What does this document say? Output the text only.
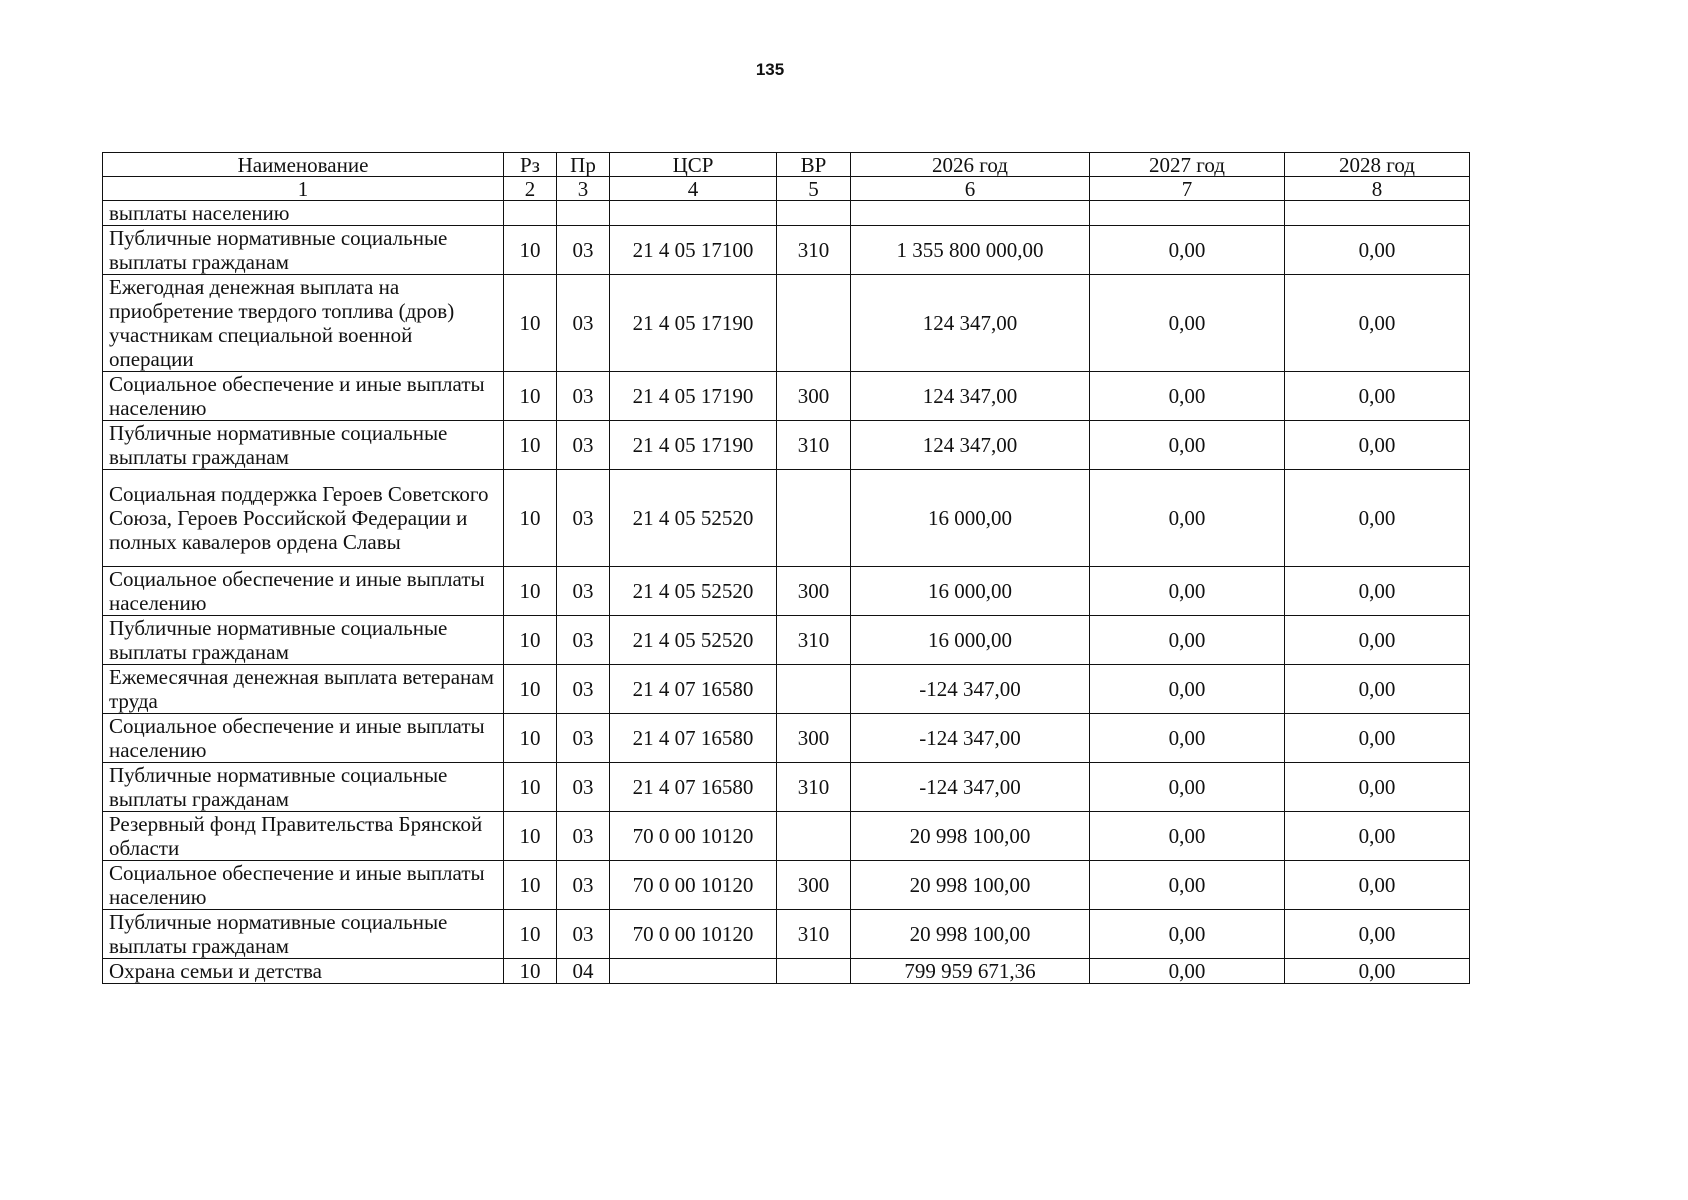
135
Наименование	Рз	Пр	ЦСР	ВР	2026 год	2027 год	2028 год
1	2	3	4	5	6	7	8
выплаты населению							
Публичные нормативные социальные выплаты гражданам	10	03	21 4 05 17100	310	1 355 800 000,00	0,00	0,00
Ежегодная денежная выплата на приобретение твердого топлива (дров) участникам специальной военной операции	10	03	21 4 05 17190		124 347,00	0,00	0,00
Социальное обеспечение и иные выплаты населению	10	03	21 4 05 17190	300	124 347,00	0,00	0,00
Публичные нормативные социальные выплаты гражданам	10	03	21 4 05 17190	310	124 347,00	0,00	0,00
Социальная поддержка Героев Советского Союза, Героев Российской Федерации и полных кавалеров ордена Славы	10	03	21 4 05 52520		16 000,00	0,00	0,00
Социальное обеспечение и иные выплаты населению	10	03	21 4 05 52520	300	16 000,00	0,00	0,00
Публичные нормативные социальные выплаты гражданам	10	03	21 4 05 52520	310	16 000,00	0,00	0,00
Ежемесячная денежная выплата ветеранам труда	10	03	21 4 07 16580		-124 347,00	0,00	0,00
Социальное обеспечение и иные выплаты населению	10	03	21 4 07 16580	300	-124 347,00	0,00	0,00
Публичные нормативные социальные выплаты гражданам	10	03	21 4 07 16580	310	-124 347,00	0,00	0,00
Резервный фонд Правительства Брянской области	10	03	70 0 00 10120		20 998 100,00	0,00	0,00
Социальное обеспечение и иные выплаты населению	10	03	70 0 00 10120	300	20 998 100,00	0,00	0,00
Публичные нормативные социальные выплаты гражданам	10	03	70 0 00 10120	310	20 998 100,00	0,00	0,00
Охрана семьи и детства	10	04			799 959 671,36	0,00	0,00
